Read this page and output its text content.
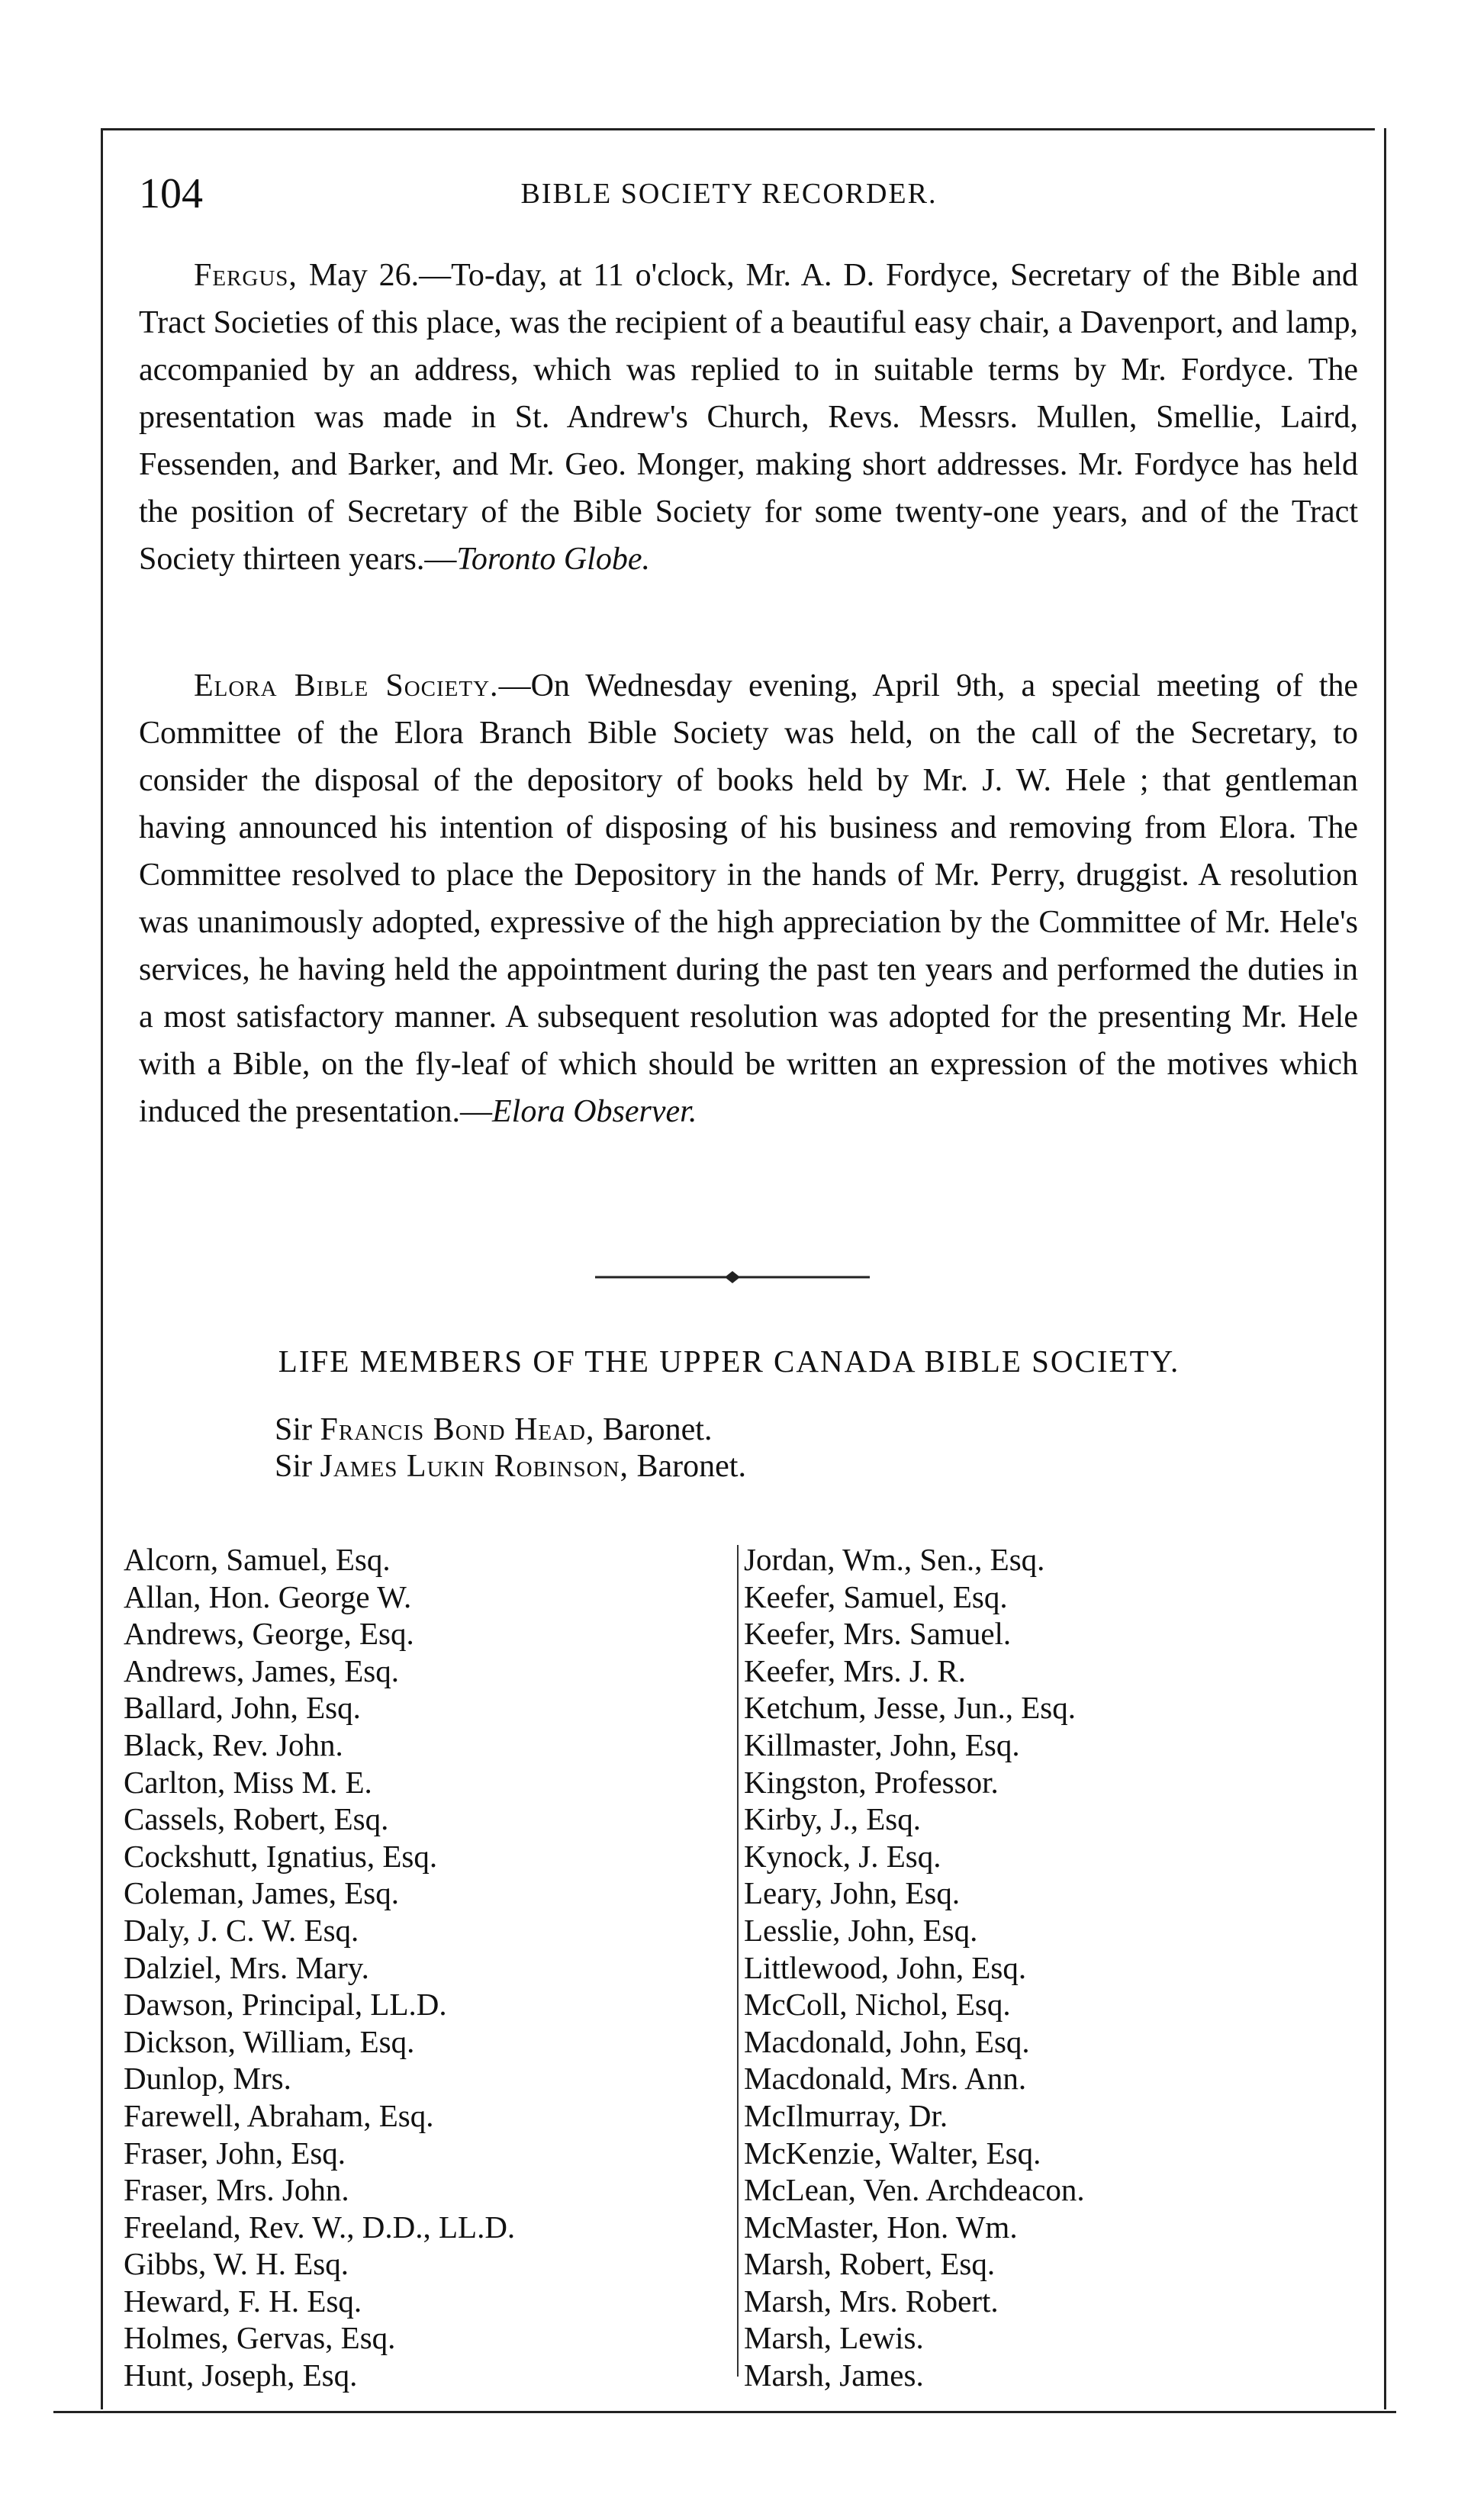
104	BIBLE SOCIETY RECORDER.

Fergus, May 26.—To-day, at 11 o'clock, Mr. A. D. Fordyce, Secretary of the Bible and Tract Societies of this place, was the recipient of a beautiful easy chair, a Davenport, and lamp, accompanied by an address, which was replied to in suitable terms by Mr. Fordyce. The presentation was made in St. Andrew's Church, Revs. Messrs. Mullen, Smellie, Laird, Fessenden, and Barker, and Mr. Geo. Monger, making short addresses. Mr. Fordyce has held the position of Secretary of the Bible Society for some twenty-one years, and of the Tract Society thirteen years.—Toronto Globe.

Elora Bible Society.—On Wednesday evening, April 9th, a special meeting of the Committee of the Elora Branch Bible Society was held, on the call of the Secretary, to consider the disposal of the depository of books held by Mr. J. W. Hele ; that gentleman having announced his intention of disposing of his business and removing from Elora. The Committee resolved to place the Depository in the hands of Mr. Perry, druggist. A resolution was unanimously adopted, expressive of the high appreciation by the Committee of Mr. Hele's services, he having held the appointment during the past ten years and performed the duties in a most satisfactory manner. A subsequent resolution was adopted for the presenting Mr. Hele with a Bible, on the fly-leaf of which should be written an expression of the motives which induced the presentation.—Elora Observer.

LIFE MEMBERS OF THE UPPER CANADA BIBLE SOCIETY.
Sir Francis Bond Head, Baronet.
Sir James Lukin Robinson, Baronet.
Alcorn, Samuel, Esq.
Allan, Hon. George W.
Andrews, George, Esq.
Andrews, James, Esq.
Ballard, John, Esq.
Black, Rev. John.
Carlton, Miss M. E.
Cassels, Robert, Esq.
Cockshutt, Ignatius, Esq.
Coleman, James, Esq.
Daly, J. C. W. Esq.
Dalziel, Mrs. Mary.
Dawson, Principal, LL.D.
Dickson, William, Esq.
Dunlop, Mrs.
Farewell, Abraham, Esq.
Fraser, John, Esq.
Fraser, Mrs. John.
Freeland, Rev. W., D.D., LL.D.
Gibbs, W. H. Esq.
Heward, F. H. Esq.
Holmes, Gervas, Esq.
Hunt, Joseph, Esq.
Jordan, Wm., Sen., Esq.
Keefer, Samuel, Esq.
Keefer, Mrs. Samuel.
Keefer, Mrs. J. R.
Ketchum, Jesse, Jun., Esq.
Killmaster, John, Esq.
Kingston, Professor.
Kirby, J., Esq.
Kynock, J. Esq.
Leary, John, Esq.
Lesslie, John, Esq.
Littlewood, John, Esq.
McColl, Nichol, Esq.
Macdonald, John, Esq.
Macdonald, Mrs. Ann.
McIlmurray, Dr.
McKenzie, Walter, Esq.
McLean, Ven. Archdeacon.
McMaster, Hon. Wm.
Marsh, Robert, Esq.
Marsh, Mrs. Robert.
Marsh, Lewis.
Marsh, James.
